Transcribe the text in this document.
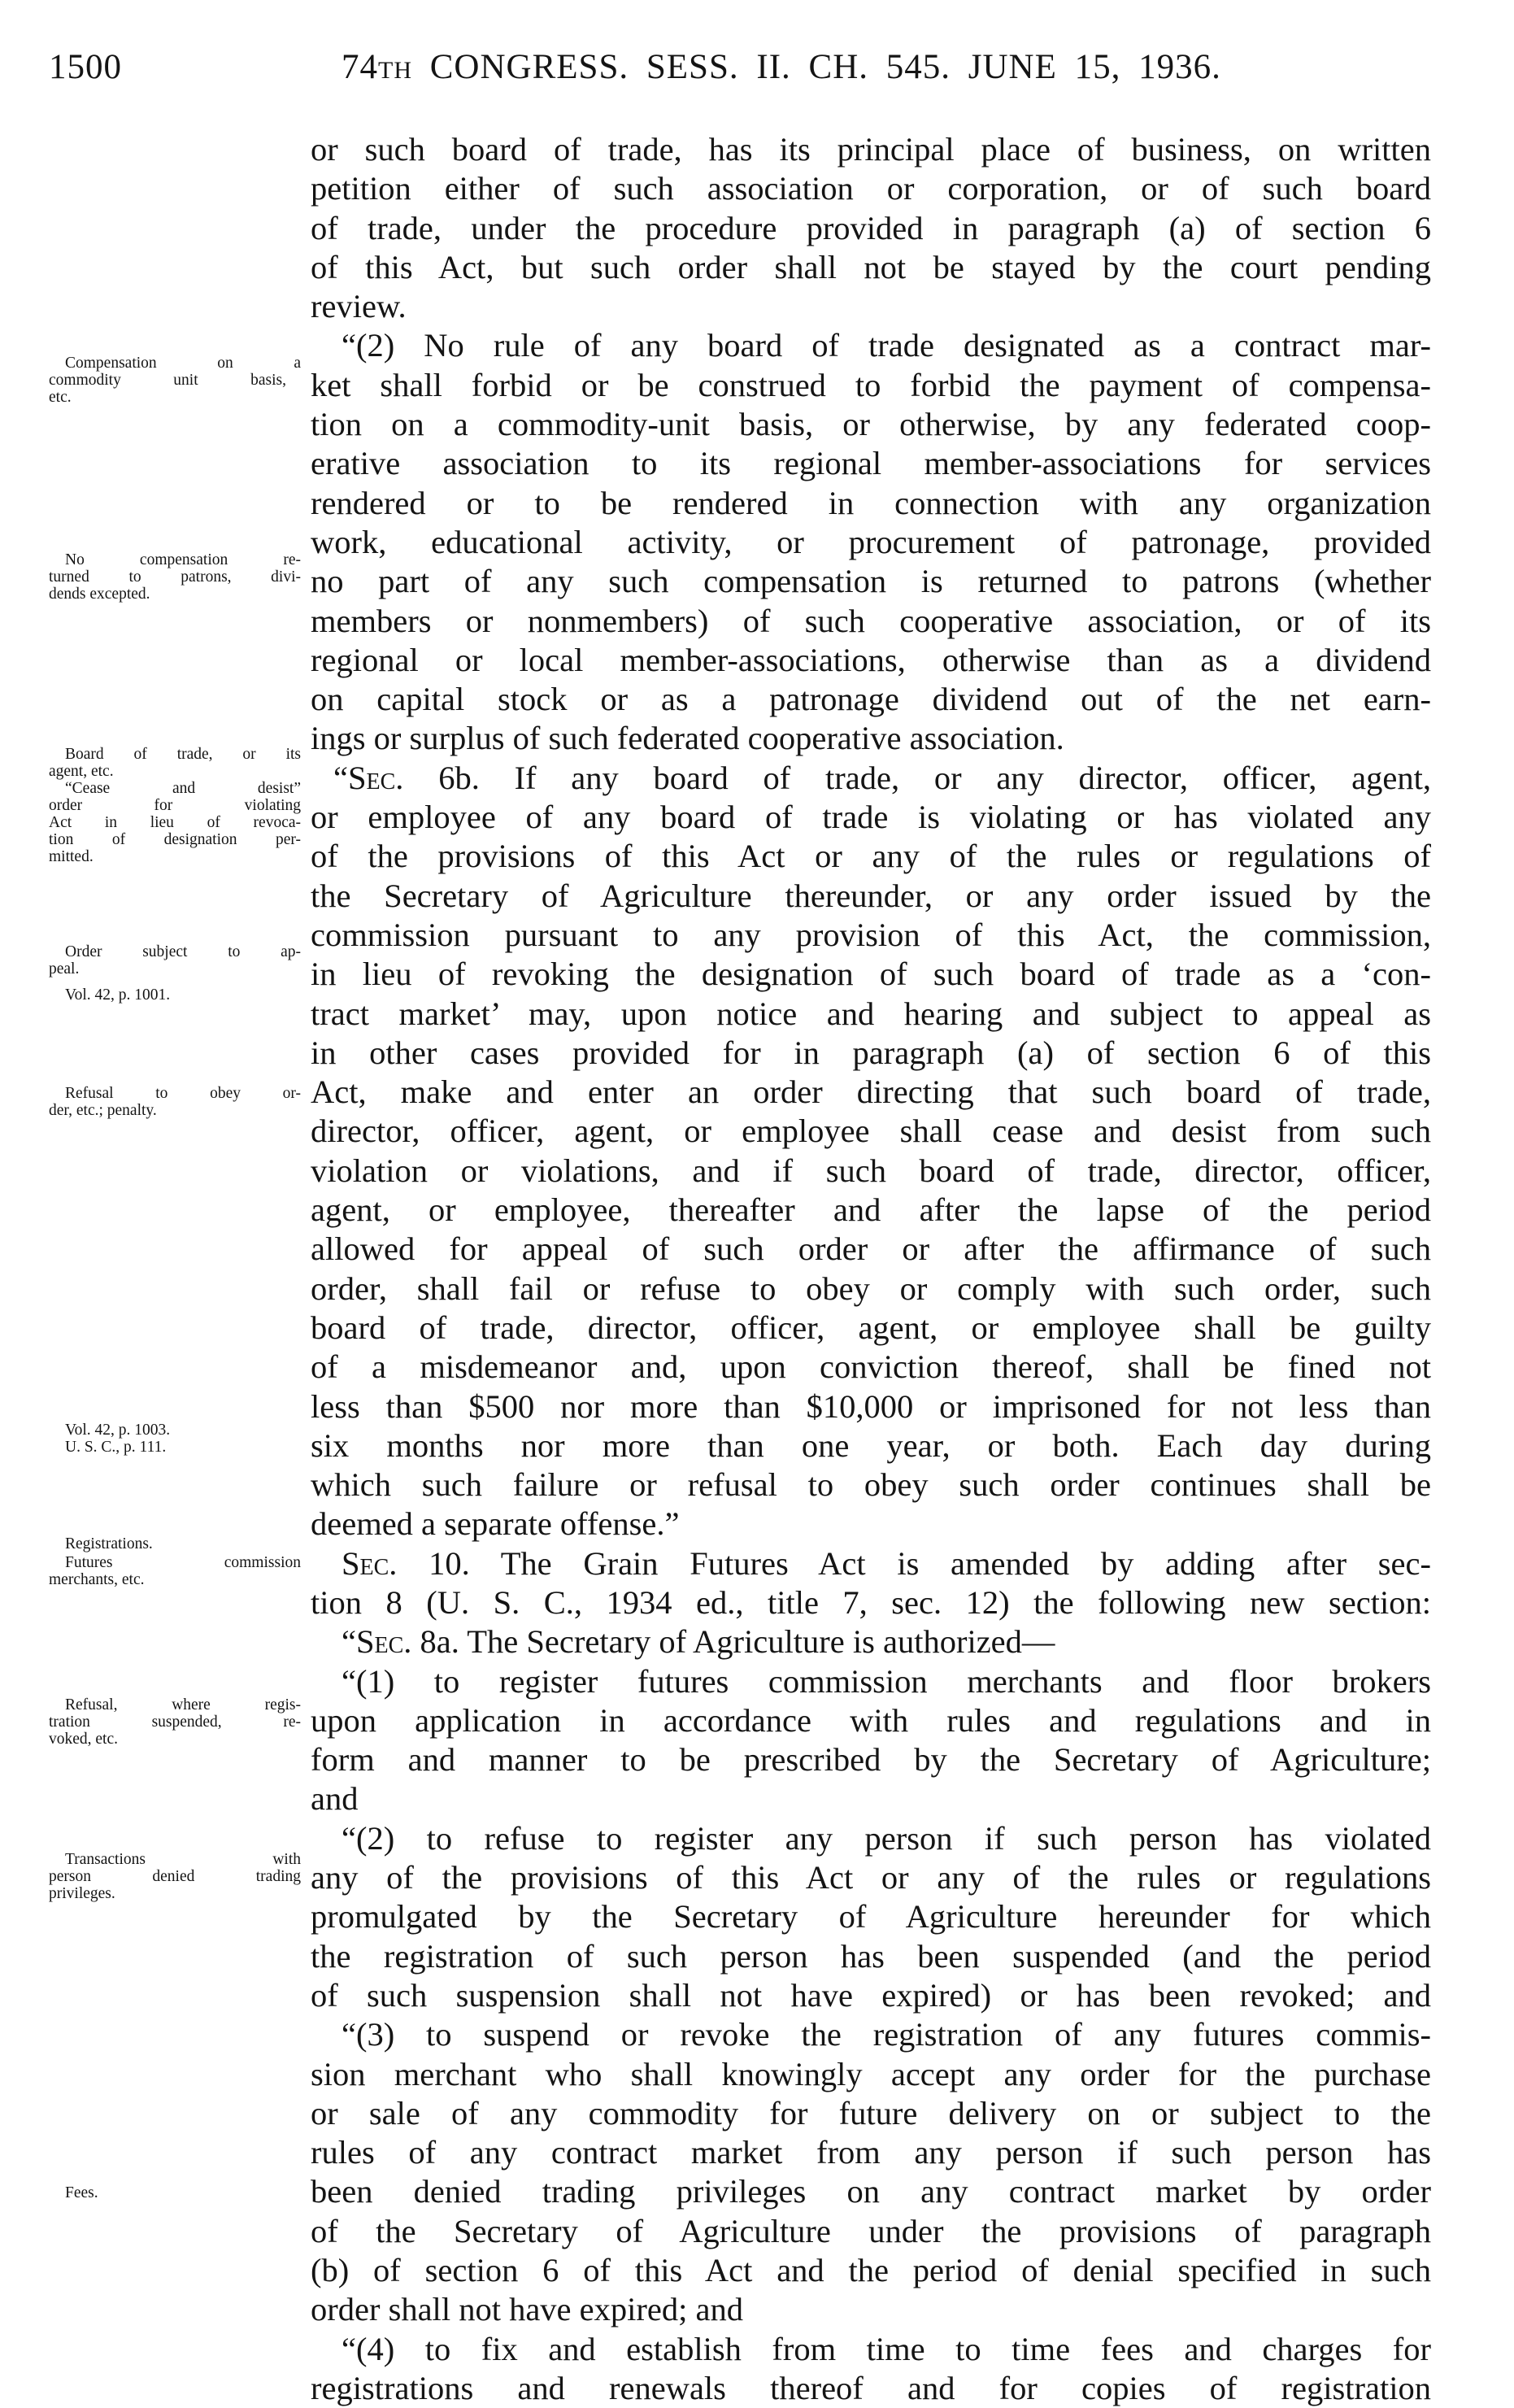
1500	74TH CONGRESS. SESS. II. CH. 545. JUNE 15, 1936.
Compensation on a
commodity unit basis,
etc.
No compensation re-
turned to patrons, divi-
dends excepted.
Board of trade, or its
agent, etc.
“Cease and desist”
order for violating
Act in lieu of revoca-
tion of designation per-
mitted.
Order subject to ap-
peal.
Vol. 42, p. 1001.
Refusal to obey or-
der, etc.; penalty.
Vol. 42, p. 1003.
U. S. C., p. 111.
Registrations.
Futures commission
merchants, etc.
Refusal, where regis-
tration suspended, re-
voked, etc.
Transactions with
person denied trading
privileges.
Fees.
or such board of trade, has its principal place of business, on written
petition either of such association or corporation, or of such board
of trade, under the procedure provided in paragraph (a) of section 6
of this Act, but such order shall not be stayed by the court pending
review.
“(2) No rule of any board of trade designated as a contract mar-
ket shall forbid or be construed to forbid the payment of compensa-
tion on a commodity-unit basis, or otherwise, by any federated coop-
erative association to its regional member-associations for services
rendered or to be rendered in connection with any organization
work, educational activity, or procurement of patronage, provided
no part of any such compensation is returned to patrons (whether
members or nonmembers) of such cooperative association, or of its
regional or local member-associations, otherwise than as a dividend
on capital stock or as a patronage dividend out of the net earn-
ings or surplus of such federated cooperative association.
“Sec. 6b. If any board of trade, or any director, officer, agent,
or employee of any board of trade is violating or has violated any
of the provisions of this Act or any of the rules or regulations of
the Secretary of Agriculture thereunder, or any order issued by the
commission pursuant to any provision of this Act, the commission,
in lieu of revoking the designation of such board of trade as a ‘con-
tract market’ may, upon notice and hearing and subject to appeal as
in other cases provided for in paragraph (a) of section 6 of this
Act, make and enter an order directing that such board of trade,
director, officer, agent, or employee shall cease and desist from such
violation or violations, and if such board of trade, director, officer,
agent, or employee, thereafter and after the lapse of the period
allowed for appeal of such order or after the affirmance of such
order, shall fail or refuse to obey or comply with such order, such
board of trade, director, officer, agent, or employee shall be guilty
of a misdemeanor and, upon conviction thereof, shall be fined not
less than $500 nor more than $10,000 or imprisoned for not less than
six months nor more than one year, or both. Each day during
which such failure or refusal to obey such order continues shall be
deemed a separate offense.”
Sec. 10. The Grain Futures Act is amended by adding after sec-
tion 8 (U. S. C., 1934 ed., title 7, sec. 12) the following new section:
“Sec. 8a. The Secretary of Agriculture is authorized—
“(1) to register futures commission merchants and floor brokers
upon application in accordance with rules and regulations and in
form and manner to be prescribed by the Secretary of Agriculture;
and
“(2) to refuse to register any person if such person has violated
any of the provisions of this Act or any of the rules or regulations
promulgated by the Secretary of Agriculture hereunder for which
the registration of such person has been suspended (and the period
of such suspension shall not have expired) or has been revoked; and
“(3) to suspend or revoke the registration of any futures commis-
sion merchant who shall knowingly accept any order for the purchase
or sale of any commodity for future delivery on or subject to the
rules of any contract market from any person if such person has
been denied trading privileges on any contract market by order
of the Secretary of Agriculture under the provisions of paragraph
(b) of section 6 of this Act and the period of denial specified in such
order shall not have expired; and
“(4) to fix and establish from time to time fees and charges for
registrations and renewals thereof and for copies of registration
